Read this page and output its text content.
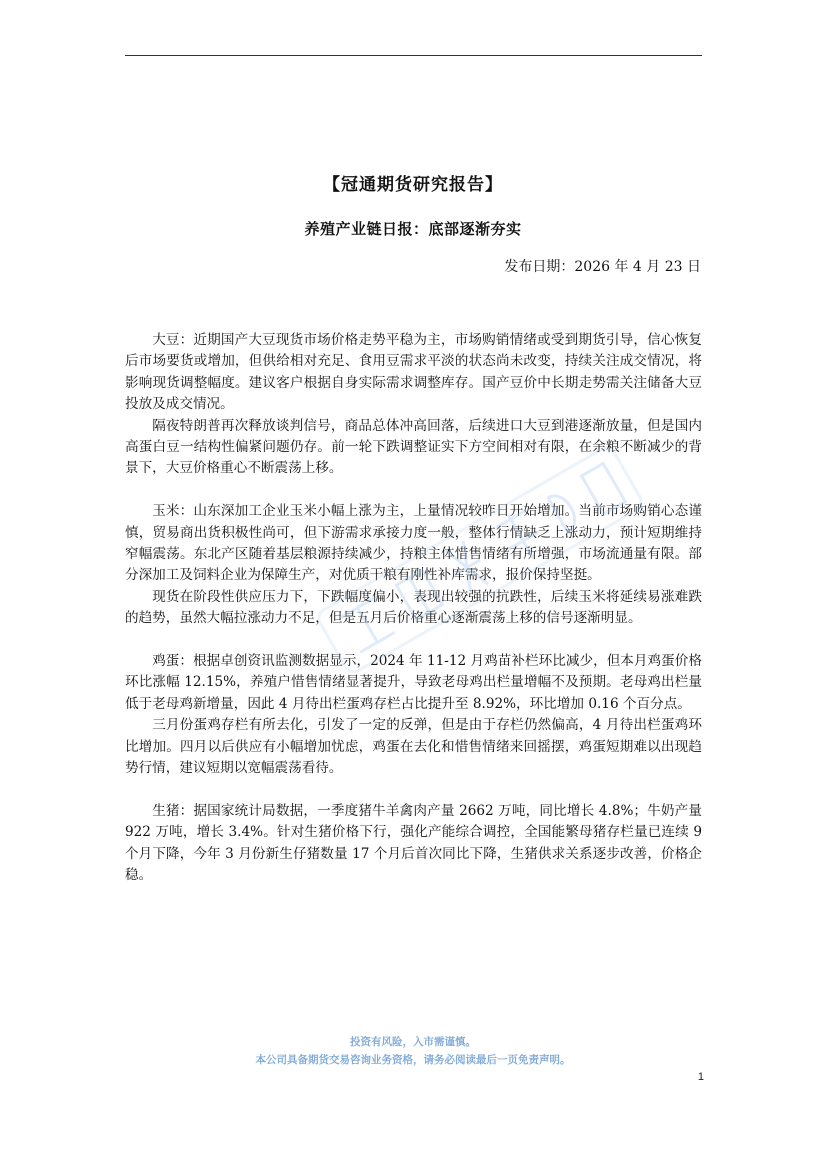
【冠通期货研究报告】
养殖产业链日报：底部逐渐夯实
发布日期：2026 年 4 月 23 日

大豆：近期国产大豆现货市场价格走势平稳为主，市场购销情绪或受到期货引导，信心恢复后市场要货或增加，但供给相对充足、食用豆需求平淡的状态尚未改变，持续关注成交情况，将影响现货调整幅度。建议客户根据自身实际需求调整库存。国产豆价中长期走势需关注储备大豆投放及成交情况。

隔夜特朗普再次释放谈判信号，商品总体冲高回落，后续进口大豆到港逐渐放量，但是国内高蛋白豆一结构性偏紧问题仍存。前一轮下跌调整证实下方空间相对有限，在余粮不断减少的背景下，大豆价格重心不断震荡上移。

玉米：山东深加工企业玉米小幅上涨为主，上量情况较昨日开始增加。当前市场购销心态谨慎，贸易商出货积极性尚可，但下游需求承接力度一般，整体行情缺乏上涨动力，预计短期维持窄幅震荡。东北产区随着基层粮源持续减少，持粮主体惜售情绪有所增强，市场流通量有限。部分深加工及饲料企业为保障生产，对优质干粮有刚性补库需求，报价保持坚挺。

现货在阶段性供应压力下，下跌幅度偏小，表现出较强的抗跌性，后续玉米将延续易涨难跌的趋势，虽然大幅拉涨动力不足，但是五月后价格重心逐渐震荡上移的信号逐渐明显。

鸡蛋：根据卓创资讯监测数据显示，2024 年 11-12 月鸡苗补栏环比减少，但本月鸡蛋价格环比涨幅 12.15%，养殖户惜售情绪显著提升，导致老母鸡出栏量增幅不及预期。老母鸡出栏量低于老母鸡新增量，因此 4 月待出栏蛋鸡存栏占比提升至 8.92%，环比增加 0.16 个百分点。

三月份蛋鸡存栏有所去化，引发了一定的反弹，但是由于存栏仍然偏高，4 月待出栏蛋鸡环比增加。四月以后供应有小幅增加忧虑，鸡蛋在去化和惜售情绪来回摇摆，鸡蛋短期难以出现趋势行情，建议短期以宽幅震荡看待。

生猪：据国家统计局数据，一季度猪牛羊禽肉产量 2662 万吨，同比增长 4.8%；牛奶产量 922 万吨，增长 3.4%。针对生猪价格下行，强化产能综合调控，全国能繁母猪存栏量已连续 9 个月下降，今年 3 月份新生仔猪数量 17 个月后首次同比下降，生猪供求关系逐步改善，价格企稳。

投资有风险，入市需谨慎。
本公司具备期货交易咨询业务资格，请务必阅读最后一页免责声明。
1
